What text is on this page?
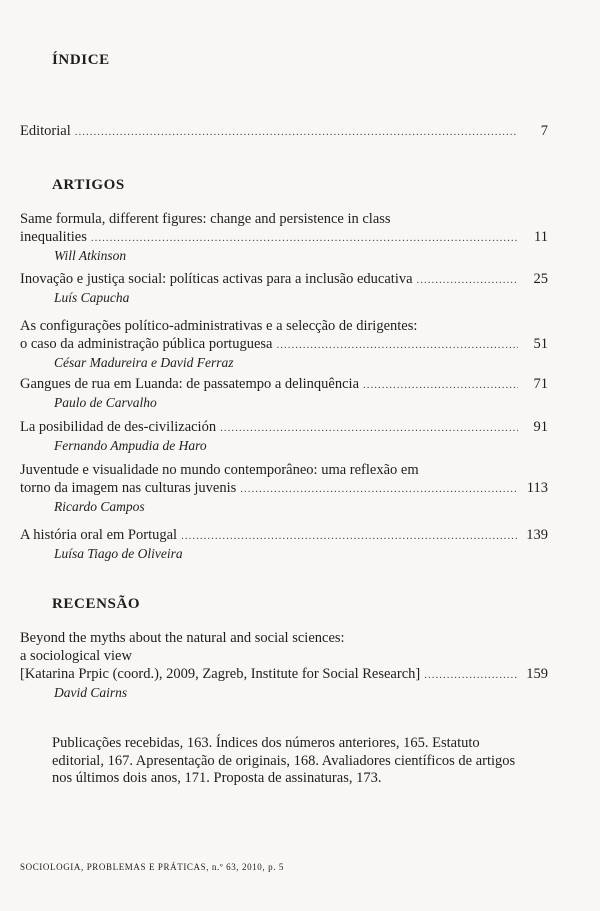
ÍNDICE
Editorial .....	7
ARTIGOS
Same formula, different figures: change and persistence in class
inequalities .....	11
Will Atkinson
Inovação e justiça social: políticas activas para a inclusão educativa .....	25
Luís Capucha
As configurações político-administrativas e a selecção de dirigentes:
o caso da administração pública portuguesa .....	51
César Madureira e David Ferraz
Gangues de rua em Luanda: de passatempo a delinquência .....	71
Paulo de Carvalho
La posibilidad de des-civilización .....	91
Fernando Ampudia de Haro
Juventude e visualidade no mundo contemporâneo: uma reflexão em
torno da imagem nas culturas juvenis .....	113
Ricardo Campos
A história oral em Portugal .....	139
Luísa Tiago de Oliveira
RECENSÃO
Beyond the myths about the natural and social sciences:
a sociological view
[Katarina Prpic (coord.), 2009, Zagreb, Institute for Social Research] .....	159
David Cairns
Publicações recebidas, 163. Índices dos números anteriores, 165. Estatuto editorial, 167. Apresentação de originais, 168. Avaliadores científicos de artigos nos últimos dois anos, 171. Proposta de assinaturas, 173.
SOCIOLOGIA, PROBLEMAS E PRÁTICAS, n.º 63, 2010, p. 5
